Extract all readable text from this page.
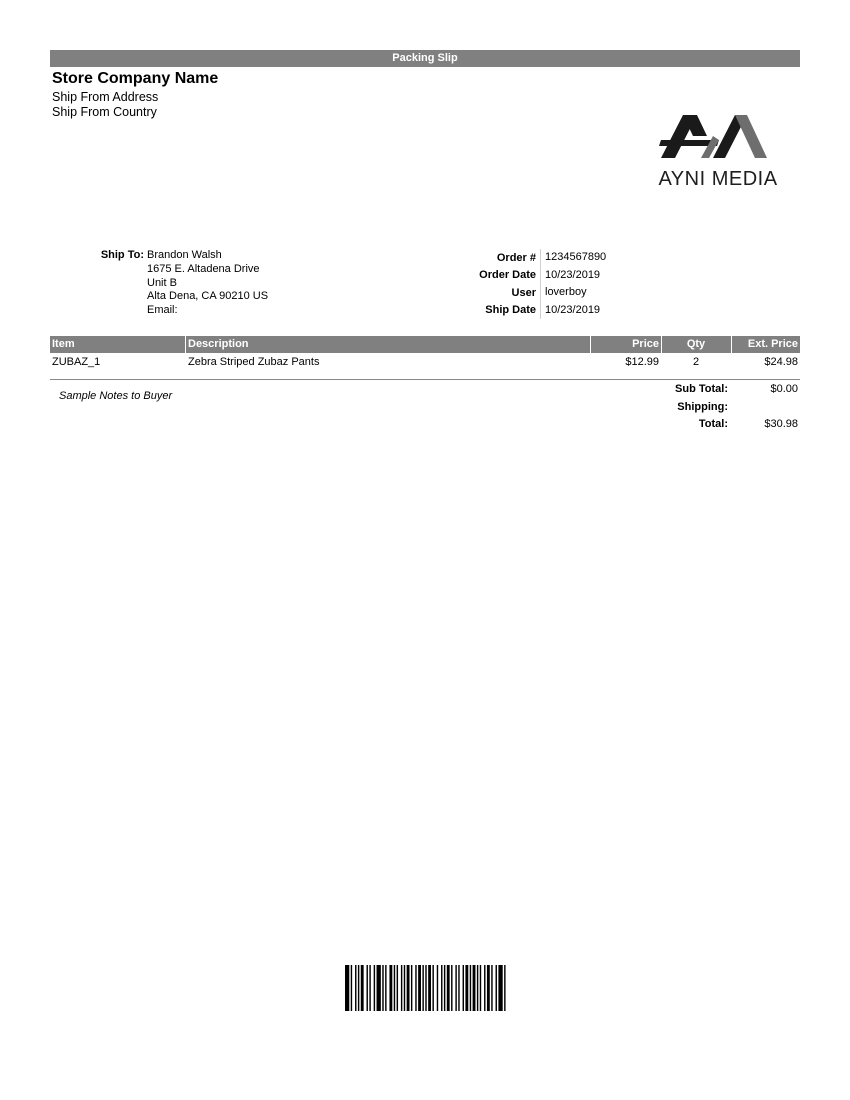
Packing Slip
Store Company Name
Ship From Address
Ship From Country
AYNI MEDIA
Ship To: Brandon Walsh
1675 E. Altadena Drive
Unit B
Alta Dena, CA 90210 US
Email:
Order # 1234567890
Order Date 10/23/2019
User loverboy
Ship Date 10/23/2019
Item	Description	Price	Qty	Ext. Price
ZUBAZ_1	Zebra Striped Zubaz Pants	$12.99	2	$24.98
Sample Notes to Buyer
Sub Total:	$0.00
Shipping:
Total:	$30.98
